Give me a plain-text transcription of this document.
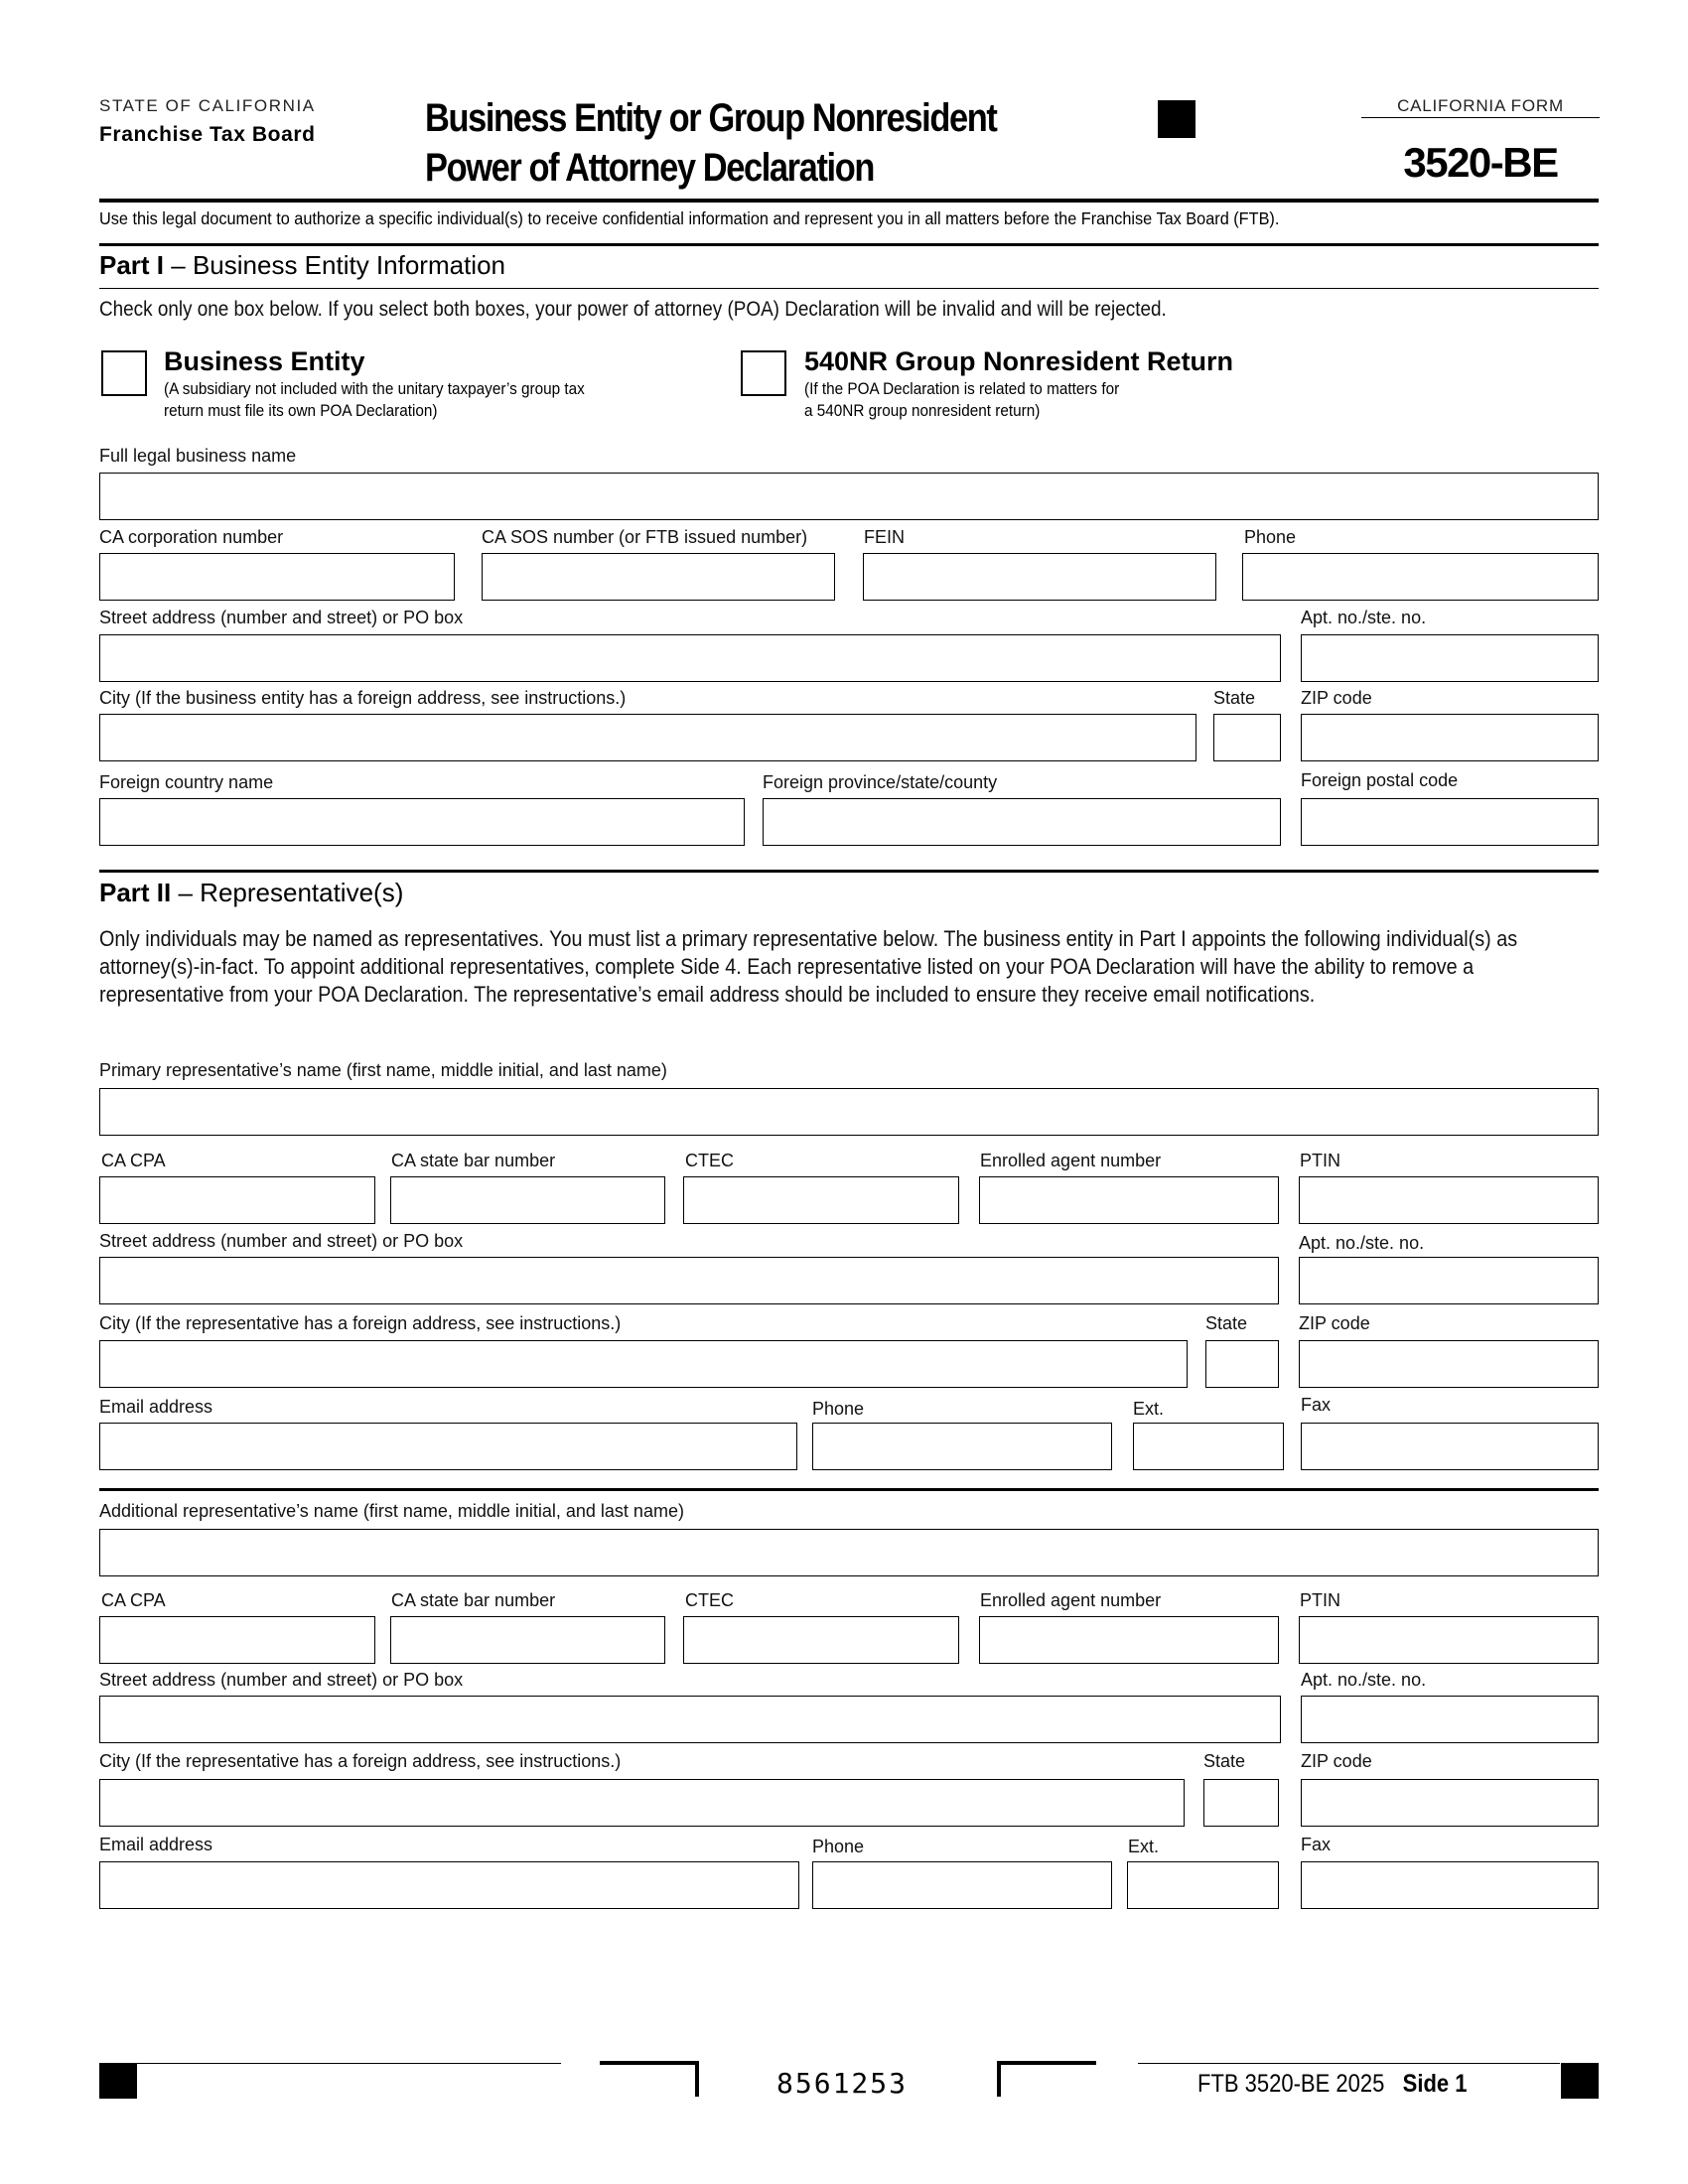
STATE OF CALIFORNIA
Franchise Tax Board	Business Entity or Group Nonresident
Power of Attorney Declaration
CALIFORNIA FORM
3520-BE
Use this legal document to authorize a specific individual(s) to receive confidential information and represent you in all matters before the Franchise Tax Board (FTB).
Part I – Business Entity Information
Check only one box below. If you select both boxes, your power of attorney (POA) Declaration will be invalid and will be rejected.
Business Entity
(A subsidiary not included with the unitary taxpayer’s group tax
return must file its own POA Declaration)
540NR Group Nonresident Return
(If the POA Declaration is related to matters for
a 540NR group nonresident return)
Full legal business name
CA corporation number	CA SOS number (or FTB issued number)	FEIN	Phone
Street address (number and street) or PO box	Apt. no./ste. no.
City (If the business entity has a foreign address, see instructions.)	State	ZIP code
Foreign country name	Foreign province/state/county	Foreign postal code
Part II – Representative(s)
Only individuals may be named as representatives. You must list a primary representative below. The business entity in Part I appoints the following individual(s) as attorney(s)-in-fact. To appoint additional representatives, complete Side 4. Each representative listed on your POA Declaration will have the ability to remove a representative from your POA Declaration. The representative’s email address should be included to ensure they receive email notifications.
Primary representative’s name (first name, middle initial, and last name)
CA CPA	CA state bar number	CTEC	Enrolled agent number	PTIN
Street address (number and street) or PO box	Apt. no./ste. no.
City (If the representative has a foreign address, see instructions.)	State	ZIP code
Email address	Phone	Ext.	Fax
Additional representative’s name (first name, middle initial, and last name)
CA CPA	CA state bar number	CTEC	Enrolled agent number	PTIN
Street address (number and street) or PO box	Apt. no./ste. no.
City (If the representative has a foreign address, see instructions.)	State	ZIP code
Email address	Phone	Ext.	Fax
8561253	FTB 3520-BE 2025 Side 1
